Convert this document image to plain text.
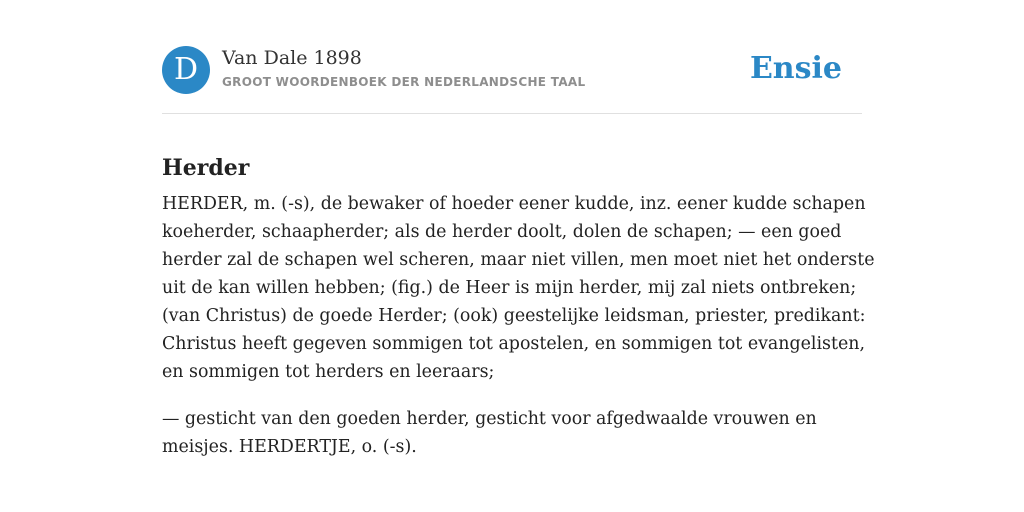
D	Van Dale 1898
GROOT WOORDENBOEK DER NEDERLANDSCHE TAAL	Ensie
Herder

HERDER, m. (-s), de bewaker of hoeder eener kudde, inz. eener kudde schapen
koeherder, schaapherder; als de herder doolt, dolen de schapen; — een goed
herder zal de schapen wel scheren, maar niet villen, men moet niet het onderste
uit de kan willen hebben; (fig.) de Heer is mijn herder, mij zal niets ontbreken;
(van Christus) de goede Herder; (ook) geestelijke leidsman, priester, predikant:
Christus heeft gegeven sommigen tot apostelen, en sommigen tot evangelisten,
en sommigen tot herders en leeraars;

— gesticht van den goeden herder, gesticht voor afgedwaalde vrouwen en
meisjes. HERDERTJE, o. (-s).
